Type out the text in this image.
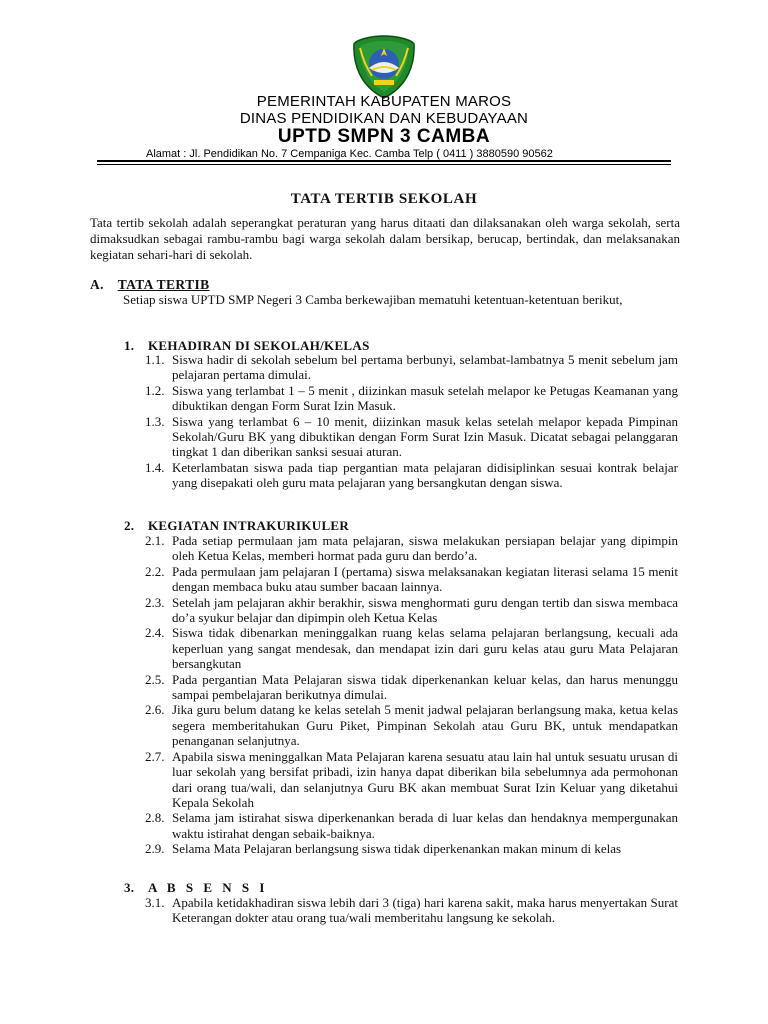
PEMERINTAH KABUPATEN MAROS
DINAS PENDIDIKAN DAN KEBUDAYAAN
UPTD SMPN 3 CAMBA
Alamat : Jl. Pendidikan No. 7 Cempaniga Kec. Camba Telp ( 0411 ) 3880590 90562
TATA TERTIB SEKOLAH
Tata tertib sekolah adalah seperangkat peraturan yang harus ditaati dan dilaksanakan oleh warga sekolah, serta dimaksudkan sebagai rambu-rambu bagi warga sekolah dalam bersikap, berucap, bertindak, dan melaksanakan kegiatan sehari-hari di sekolah.
A. TATA TERTIB
Setiap siswa UPTD SMP Negeri 3 Camba berkewajiban mematuhi ketentuan-ketentuan berikut,
1. KEHADIRAN DI SEKOLAH/KELAS
1.1. Siswa hadir di sekolah sebelum bel pertama berbunyi, selambat-lambatnya 5 menit sebelum jam pelajaran pertama dimulai.
1.2. Siswa yang terlambat 1 – 5 menit , diizinkan masuk setelah melapor ke Petugas Keamanan yang dibuktikan dengan Form Surat Izin Masuk.
1.3. Siswa yang terlambat 6 – 10 menit, diizinkan masuk kelas setelah melapor kepada Pimpinan Sekolah/Guru BK yang dibuktikan dengan Form Surat Izin Masuk. Dicatat sebagai pelanggaran tingkat 1 dan diberikan sanksi sesuai aturan.
1.4. Keterlambatan siswa pada tiap pergantian mata pelajaran didisiplinkan sesuai kontrak belajar yang disepakati oleh guru mata pelajaran yang bersangkutan dengan siswa.
2. KEGIATAN INTRAKURIKULER
2.1. Pada setiap permulaan jam mata pelajaran, siswa melakukan persiapan belajar yang dipimpin oleh Ketua Kelas, memberi hormat pada guru dan berdo’a.
2.2. Pada permulaan jam pelajaran I (pertama) siswa melaksanakan kegiatan literasi selama 15 menit dengan membaca buku atau sumber bacaan lainnya.
2.3. Setelah jam pelajaran akhir berakhir, siswa menghormati guru dengan tertib dan siswa membaca do’a syukur belajar dan dipimpin oleh Ketua Kelas
2.4. Siswa tidak dibenarkan meninggalkan ruang kelas selama pelajaran berlangsung, kecuali ada keperluan yang sangat mendesak, dan mendapat izin dari guru kelas atau guru Mata Pelajaran bersangkutan
2.5. Pada pergantian Mata Pelajaran siswa tidak diperkenankan keluar kelas, dan harus menunggu sampai pembelajaran berikutnya dimulai.
2.6. Jika guru belum datang ke kelas setelah 5 menit jadwal pelajaran berlangsung maka, ketua kelas segera memberitahukan Guru Piket, Pimpinan Sekolah atau Guru BK, untuk mendapatkan penanganan selanjutnya.
2.7. Apabila siswa meninggalkan Mata Pelajaran karena sesuatu atau lain hal untuk sesuatu urusan di luar sekolah yang bersifat pribadi, izin hanya dapat diberikan bila sebelumnya ada permohonan dari orang tua/wali, dan selanjutnya Guru BK akan membuat Surat Izin Keluar yang diketahui Kepala Sekolah
2.8. Selama jam istirahat siswa diperkenankan berada di luar kelas dan hendaknya mempergunakan waktu istirahat dengan sebaik-baiknya.
2.9. Selama Mata Pelajaran berlangsung siswa tidak diperkenankan makan minum di kelas
3. A B S E N S I
3.1. Apabila ketidakhadiran siswa lebih dari 3 (tiga) hari karena sakit, maka harus menyertakan Surat Keterangan dokter atau orang tua/wali memberitahu langsung ke sekolah.
